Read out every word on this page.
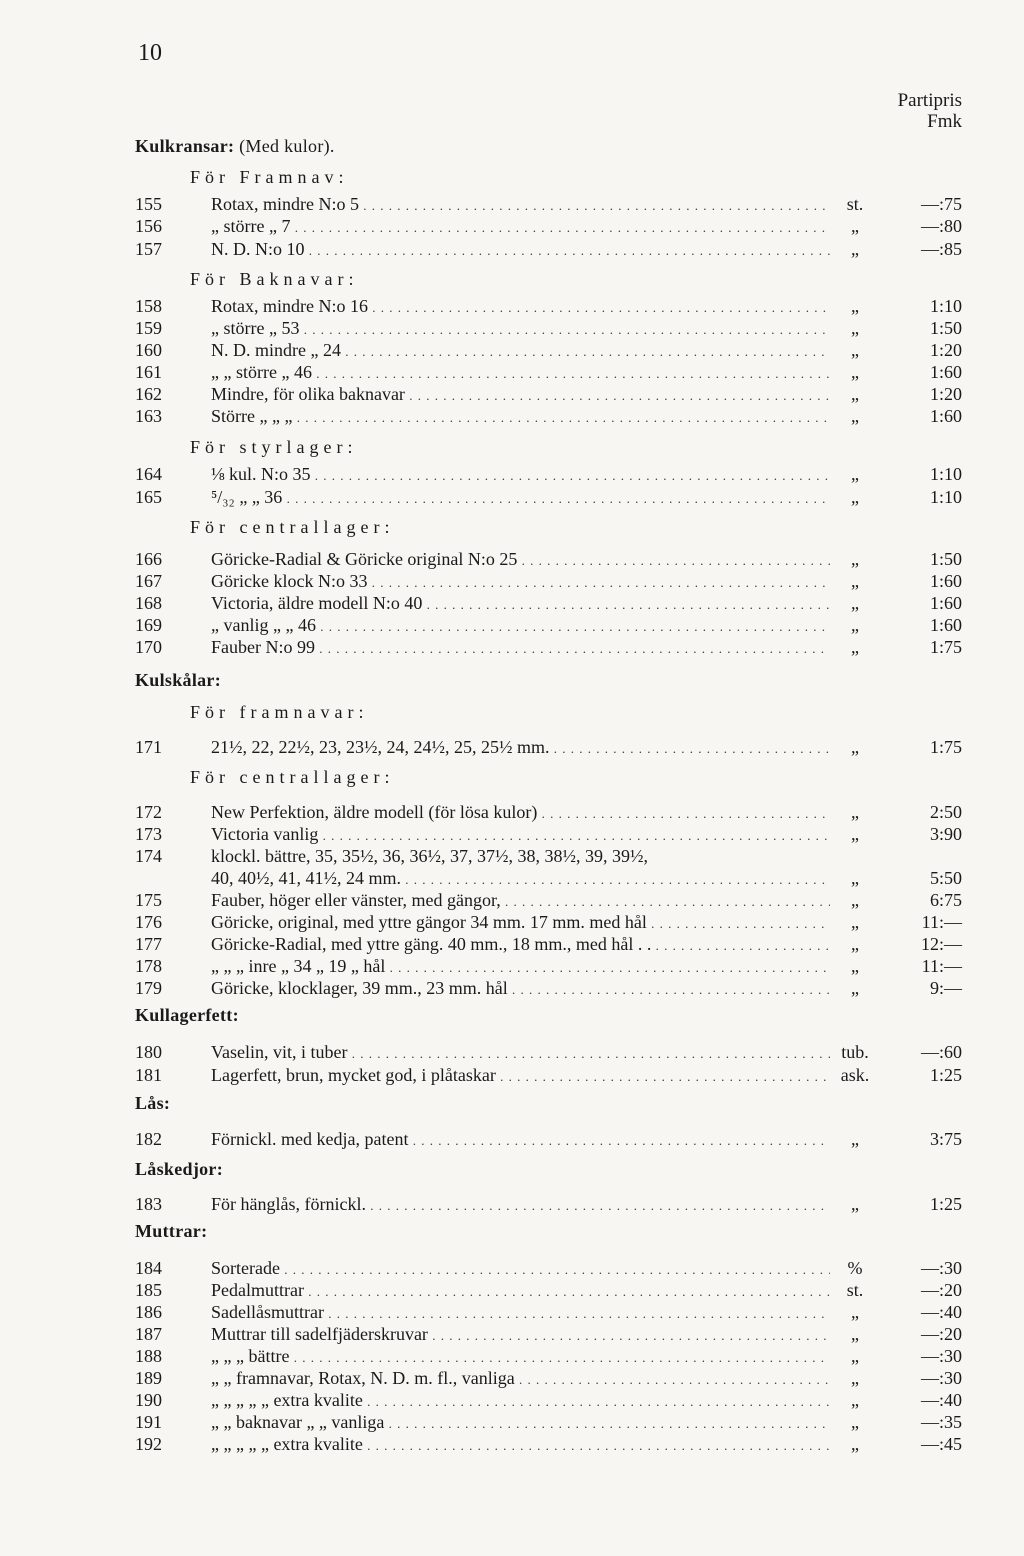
10
Partipris
Fmk
Kulkransar: (Med kulor).
För Framnav:
För Baknavar:
För styrlager:
För centrallager:
Kulskålar:
För framnavar:
För centrallager:
Kullagerfett:
Lås:
Låskedjor:
Muttrar:
155	Rotax, mindre N:o 5 . . .	st.	—:75
156	„ större „ 7 . . .	„	—:80
157	N. D. N:o 10 . . .	„	—:85
158	Rotax, mindre N:o 16 . . .	„	1:10
159	„ större „ 53 . . .	„	1:50
160	N. D. mindre „ 24 . . .	„	1:20
161	„ „ större „ 46 . . .	„	1:60
162	Mindre, för olika baknavar . . .	„	1:20
163	Större „ „ „ . . .	„	1:60
164	⅛ kul. N:o 35 . . .	„	1:10
165	⁵/₃₂ „ „ 36 . . .	„	1:10
166	Göricke-Radial & Göricke original N:o 25 . . .	„	1:50
167	Göricke klock N:o 33 . . .	„	1:60
168	Victoria, äldre modell N:o 40 . . .	„	1:60
169	„ vanlig „ „ 46 . . .	„	1:60
170	Fauber N:o 99 . . .	„	1:75
171	21½, 22, 22½, 23, 23½, 24, 24½, 25, 25½ mm. . . .	„	1:75
172	New Perfektion, äldre modell (för lösa kulor) . . .	„	2:50
173	Victoria vanlig . . .	„	3:90
174	klockl. bättre, 35, 35½, 36, 36½, 37, 37½, 38, 38½, 39, 39½,
40, 40½, 41, 41½, 24 mm. . . .	„	5:50
175	Fauber, höger eller vänster, med gängor, . . .	„	6:75
176	Göricke, original, med yttre gängor 34 mm. 17 mm. med hål . . .	„	11:—
177	Göricke-Radial, med yttre gäng. 40 mm., 18 mm., med hål . . . . .	„	12:—
178	„ „ „ inre „ 34 „ 19 „ hål . . .	„	11:—
179	Göricke, klocklager, 39 mm., 23 mm. hål . . .	„	9:—
180	Vaselin, vit, i tuber . . .	tub.	—:60
181	Lagerfett, brun, mycket god, i plåtaskar . . .	ask.	1:25
182	Förnickl. med kedja, patent . . .	„	3:75
183	För hänglås, förnickl. . . .	„	1:25
184	Sorterade . . .	%	—:30
185	Pedalmuttrar . . .	st.	—:20
186	Sadellåsmuttrar . . .	„	—:40
187	Muttrar till sadelfjäderskruvar . . .	„	—:20
188	„ „ „ bättre . . .	„	—:30
189	„ „ framnavar, Rotax, N. D. m. fl., vanliga . . .	„	—:30
190	„ „ „ „ „ extra kvalite . . .	„	—:40
191	„ „ baknavar „ „ vanliga . . .	„	—:35
192	„ „ „ „ „ extra kvalite . . .	„	—:45
